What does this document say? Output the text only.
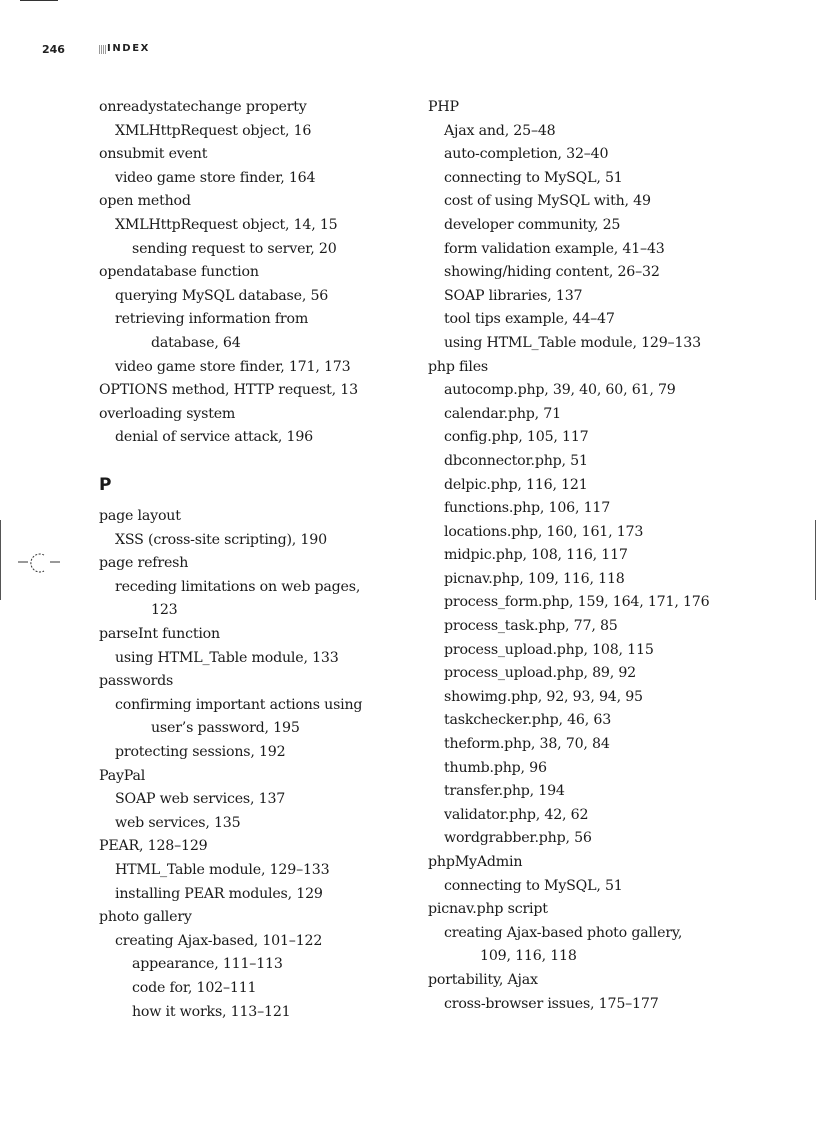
246	INDEX
onreadystatechange property
XMLHttpRequest object, 16
onsubmit event
video game store finder, 164
open method
XMLHttpRequest object, 14, 15
sending request to server, 20
opendatabase function
querying MySQL database, 56
retrieving information from
database, 64
video game store finder, 171, 173
OPTIONS method, HTTP request, 13
overloading system
denial of service attack, 196
P
page layout
XSS (cross-site scripting), 190
page refresh
receding limitations on web pages,
123
parseInt function
using HTML_Table module, 133
passwords
confirming important actions using
user’s password, 195
protecting sessions, 192
PayPal
SOAP web services, 137
web services, 135
PEAR, 128–129
HTML_Table module, 129–133
installing PEAR modules, 129
photo gallery
creating Ajax-based, 101–122
appearance, 111–113
code for, 102–111
how it works, 113–121
PHP
Ajax and, 25–48
auto-completion, 32–40
connecting to MySQL, 51
cost of using MySQL with, 49
developer community, 25
form validation example, 41–43
showing/hiding content, 26–32
SOAP libraries, 137
tool tips example, 44–47
using HTML_Table module, 129–133
php files
autocomp.php, 39, 40, 60, 61, 79
calendar.php, 71
config.php, 105, 117
dbconnector.php, 51
delpic.php, 116, 121
functions.php, 106, 117
locations.php, 160, 161, 173
midpic.php, 108, 116, 117
picnav.php, 109, 116, 118
process_form.php, 159, 164, 171, 176
process_task.php, 77, 85
process_upload.php, 108, 115
process_upload.php, 89, 92
showimg.php, 92, 93, 94, 95
taskchecker.php, 46, 63
theform.php, 38, 70, 84
thumb.php, 96
transfer.php, 194
validator.php, 42, 62
wordgrabber.php, 56
phpMyAdmin
connecting to MySQL, 51
picnav.php script
creating Ajax-based photo gallery,
109, 116, 118
portability, Ajax
cross-browser issues, 175–177
